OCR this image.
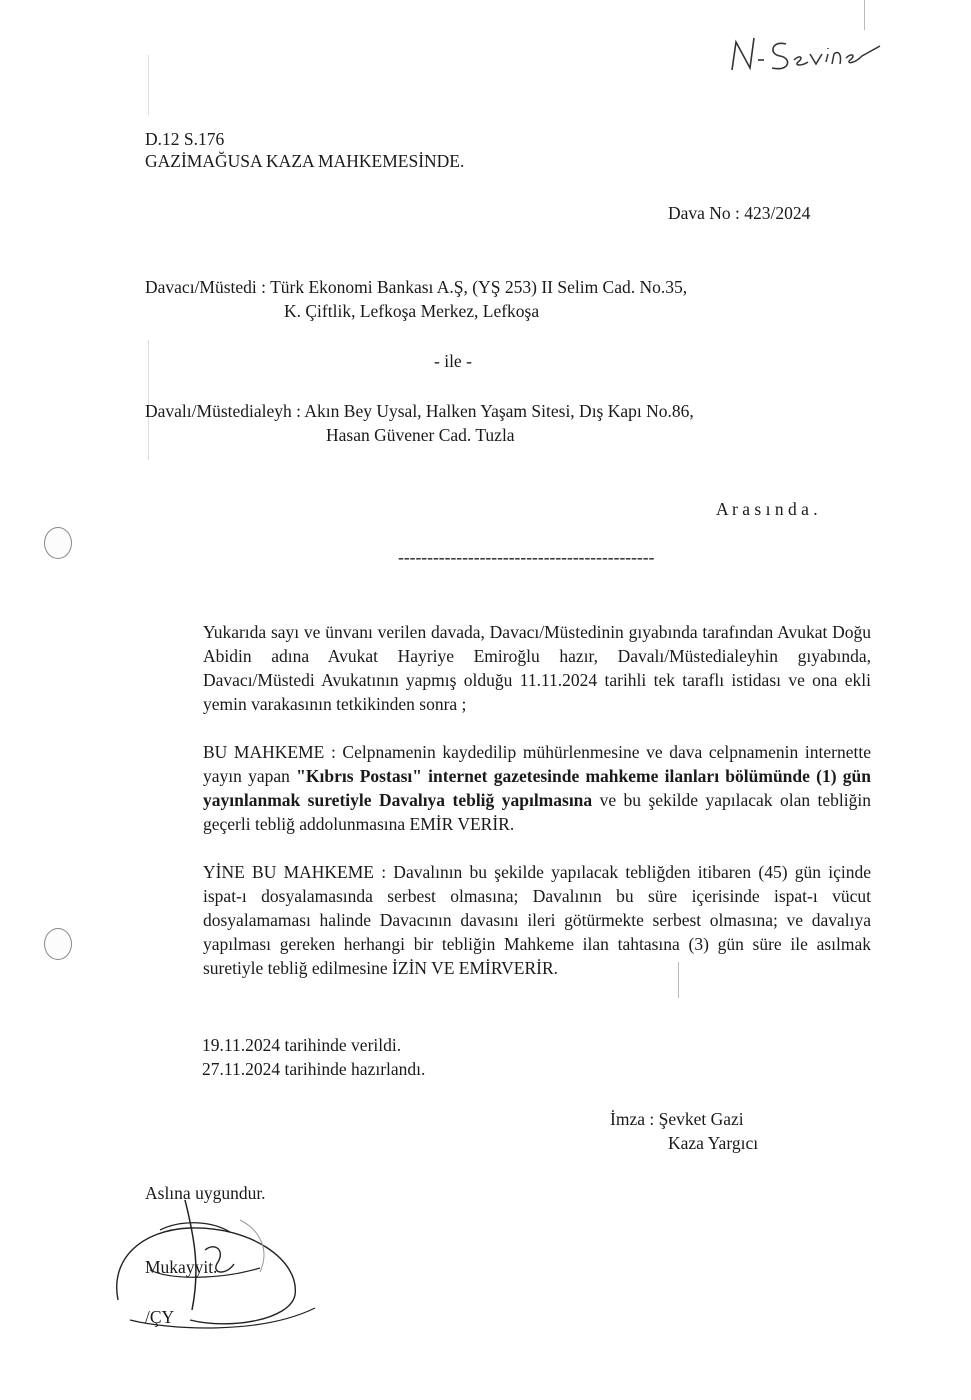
D.12 S.176
GAZİMAĞUSA KAZA MAHKEMESİNDE.
Dava No : 423/2024
Davacı/Müstedi : Türk Ekonomi Bankası A.Ş, (YŞ 253) II Selim Cad. No.35,
K. Çiftlik, Lefkoşa Merkez, Lefkoşa
- ile -
Davalı/Müstedialeyh : Akın Bey Uysal, Halken Yaşam Sitesi, Dış Kapı No.86,
Hasan Güvener Cad. Tuzla
A r a s ı n d a .
--------------------------------------------
Yukarıda sayı ve ünvanı verilen davada, Davacı/Müstedinin gıyabında tarafından Avukat Doğu Abidin adına Avukat Hayriye Emiroğlu hazır, Davalı/Müstedialeyhin gıyabında, Davacı/Müstedi Avukatının yapmış olduğu 11.11.2024 tarihli tek taraflı istidası ve ona ekli yemin varakasının tetkikinden sonra ;
BU MAHKEME : Celpnamenin kaydedilip mühürlenmesine ve dava celpnamenin internette yayın yapan "Kıbrıs Postası" internet gazetesinde mahkeme ilanları bölümünde (1) gün yayınlanmak suretiyle Davalıya tebliğ yapılmasına ve bu şekilde yapılacak olan tebliğin geçerli tebliğ addolunmasına EMİR VERİR.
YİNE BU MAHKEME : Davalının bu şekilde yapılacak tebliğden itibaren (45) gün içinde ispat-ı dosyalamasında serbest olmasına; Davalının bu süre içerisinde ispat-ı vücut dosyalamaması halinde Davacının davasını ileri götürmekte serbest olmasına; ve davalıya yapılması gereken herhangi bir tebliğin Mahkeme ilan tahtasına (3) gün süre ile asılmak suretiyle tebliğ edilmesine İZİN VE EMİRVERİR.
19.11.2024 tarihinde verildi.
27.11.2024 tarihinde hazırlandı.
İmza : Şevket Gazi
Kaza Yargıcı
Aslına uygundur.
Mukayyit.
/ÇY
